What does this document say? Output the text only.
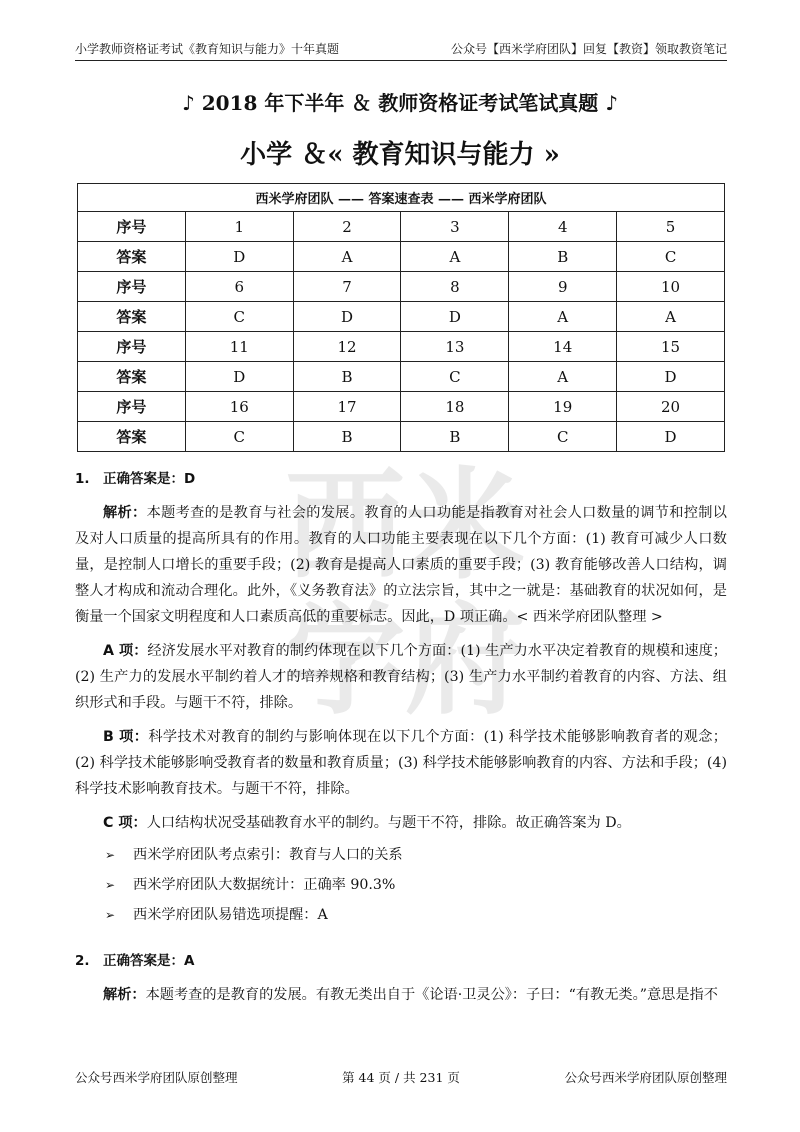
小学教师资格证考试《教育知识与能力》十年真题	公众号【西米学府团队】回复【教资】领取教资笔记
♪ 2018 年下半年 ＆ 教师资格证考试笔试真题 ♪
小学 ＆« 教育知识与能力 »
西米学府团队 —— 答案速查表 —— 西米学府团队					
序号	1	2	3	4	5
答案	D	A	A	B	C
序号	6	7	8	9	10
答案	C	D	D	A	A
序号	11	12	13	14	15
答案	D	B	C	A	D
序号	16	17	18	19	20
答案	C	B	B	C	D
西 米
学 府

1. 正确答案是：D

解析：本题考查的是教育与社会的发展。教育的人口功能是指教育对社会人口数量的调节和控制以及对人口质量的提高所具有的作用。教育的人口功能主要表现在以下几个方面：(1) 教育可减少人口数量，是控制人口增长的重要手段；(2) 教育是提高人口素质的重要手段；(3) 教育能够改善人口结构，调整人才构成和流动合理化。此外，《义务教育法》的立法宗旨，其中之一就是：基础教育的状况如何，是衡量一个国家文明程度和人口素质高低的重要标志。因此，D 项正确。< 西米学府团队整理 >

A 项：经济发展水平对教育的制约体现在以下几个方面：(1) 生产力水平决定着教育的规模和速度；(2) 生产力的发展水平制约着人才的培养规格和教育结构；(3) 生产力水平制约着教育的内容、方法、组织形式和手段。与题干不符，排除。

B 项：科学技术对教育的制约与影响体现在以下几个方面：(1) 科学技术能够影响教育者的观念；(2) 科学技术能够影响受教育者的数量和教育质量；(3) 科学技术能够影响教育的内容、方法和手段；(4) 科学技术影响教育技术。与题干不符，排除。

C 项：人口结构状况受基础教育水平的制约。与题干不符，排除。故正确答案为 D。

➢	西米学府团队考点索引：教育与人口的关系
➢	西米学府团队大数据统计：正确率 90.3%
➢	西米学府团队易错选项提醒：A

2. 正确答案是：A

解析：本题考查的是教育的发展。有教无类出自于《论语·卫灵公》：子曰：“有教无类。”意思是指不

公众号西米学府团队原创整理	第 44 页 / 共 231 页	公众号西米学府团队原创整理
